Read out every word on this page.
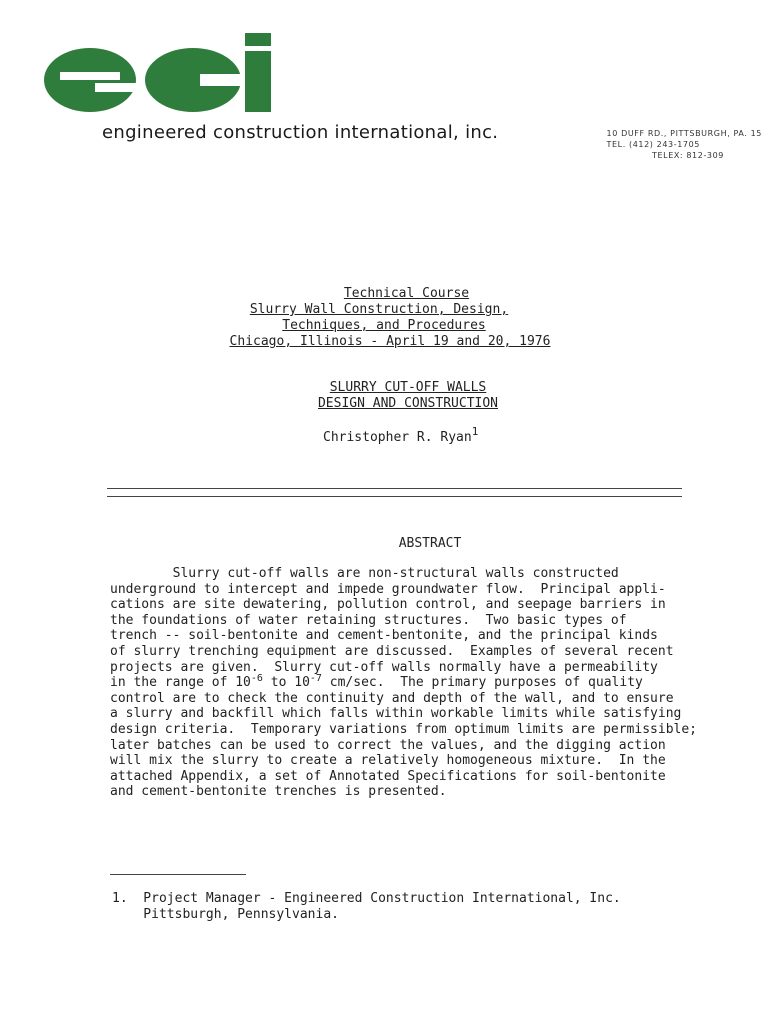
engineered construction international, inc.	10 DUFF RD., PITTSBURGH, PA. 15
TEL. (412) 243-1705
TELEX: 812-309
Technical Course
Slurry Wall Construction, Design,
Techniques, and Procedures
Chicago, Illinois - April 19 and 20, 1976
SLURRY CUT-OFF WALLS
DESIGN AND CONSTRUCTION
Christopher R. Ryan$^1$
ABSTRACT
Slurry cut-off walls are non-structural walls constructed
underground to intercept and impede groundwater flow.  Principal appli-
cations are site dewatering, pollution control, and seepage barriers in
the foundations of water retaining structures.  Two basic types of
trench -- soil-bentonite and cement-bentonite, and the principal kinds
of slurry trenching equipment are discussed.  Examples of several recent
projects are given.  Slurry cut-off walls normally have a permeability
in the range of $10^{-6}$ to $10^{-7}$ cm/sec.  The primary purposes of quality
control are to check the continuity and depth of the wall, and to ensure
a slurry and backfill which falls within workable limits while satisfying
design criteria.  Temporary variations from optimum limits are permissible;
later batches can be used to correct the values, and the digging action
will mix the slurry to create a relatively homogeneous mixture.  In the
attached Appendix, a set of Annotated Specifications for soil-bentonite
and cement-bentonite trenches is presented.
1.  Project Manager - Engineered Construction International, Inc.
Pittsburgh, Pennsylvania.
